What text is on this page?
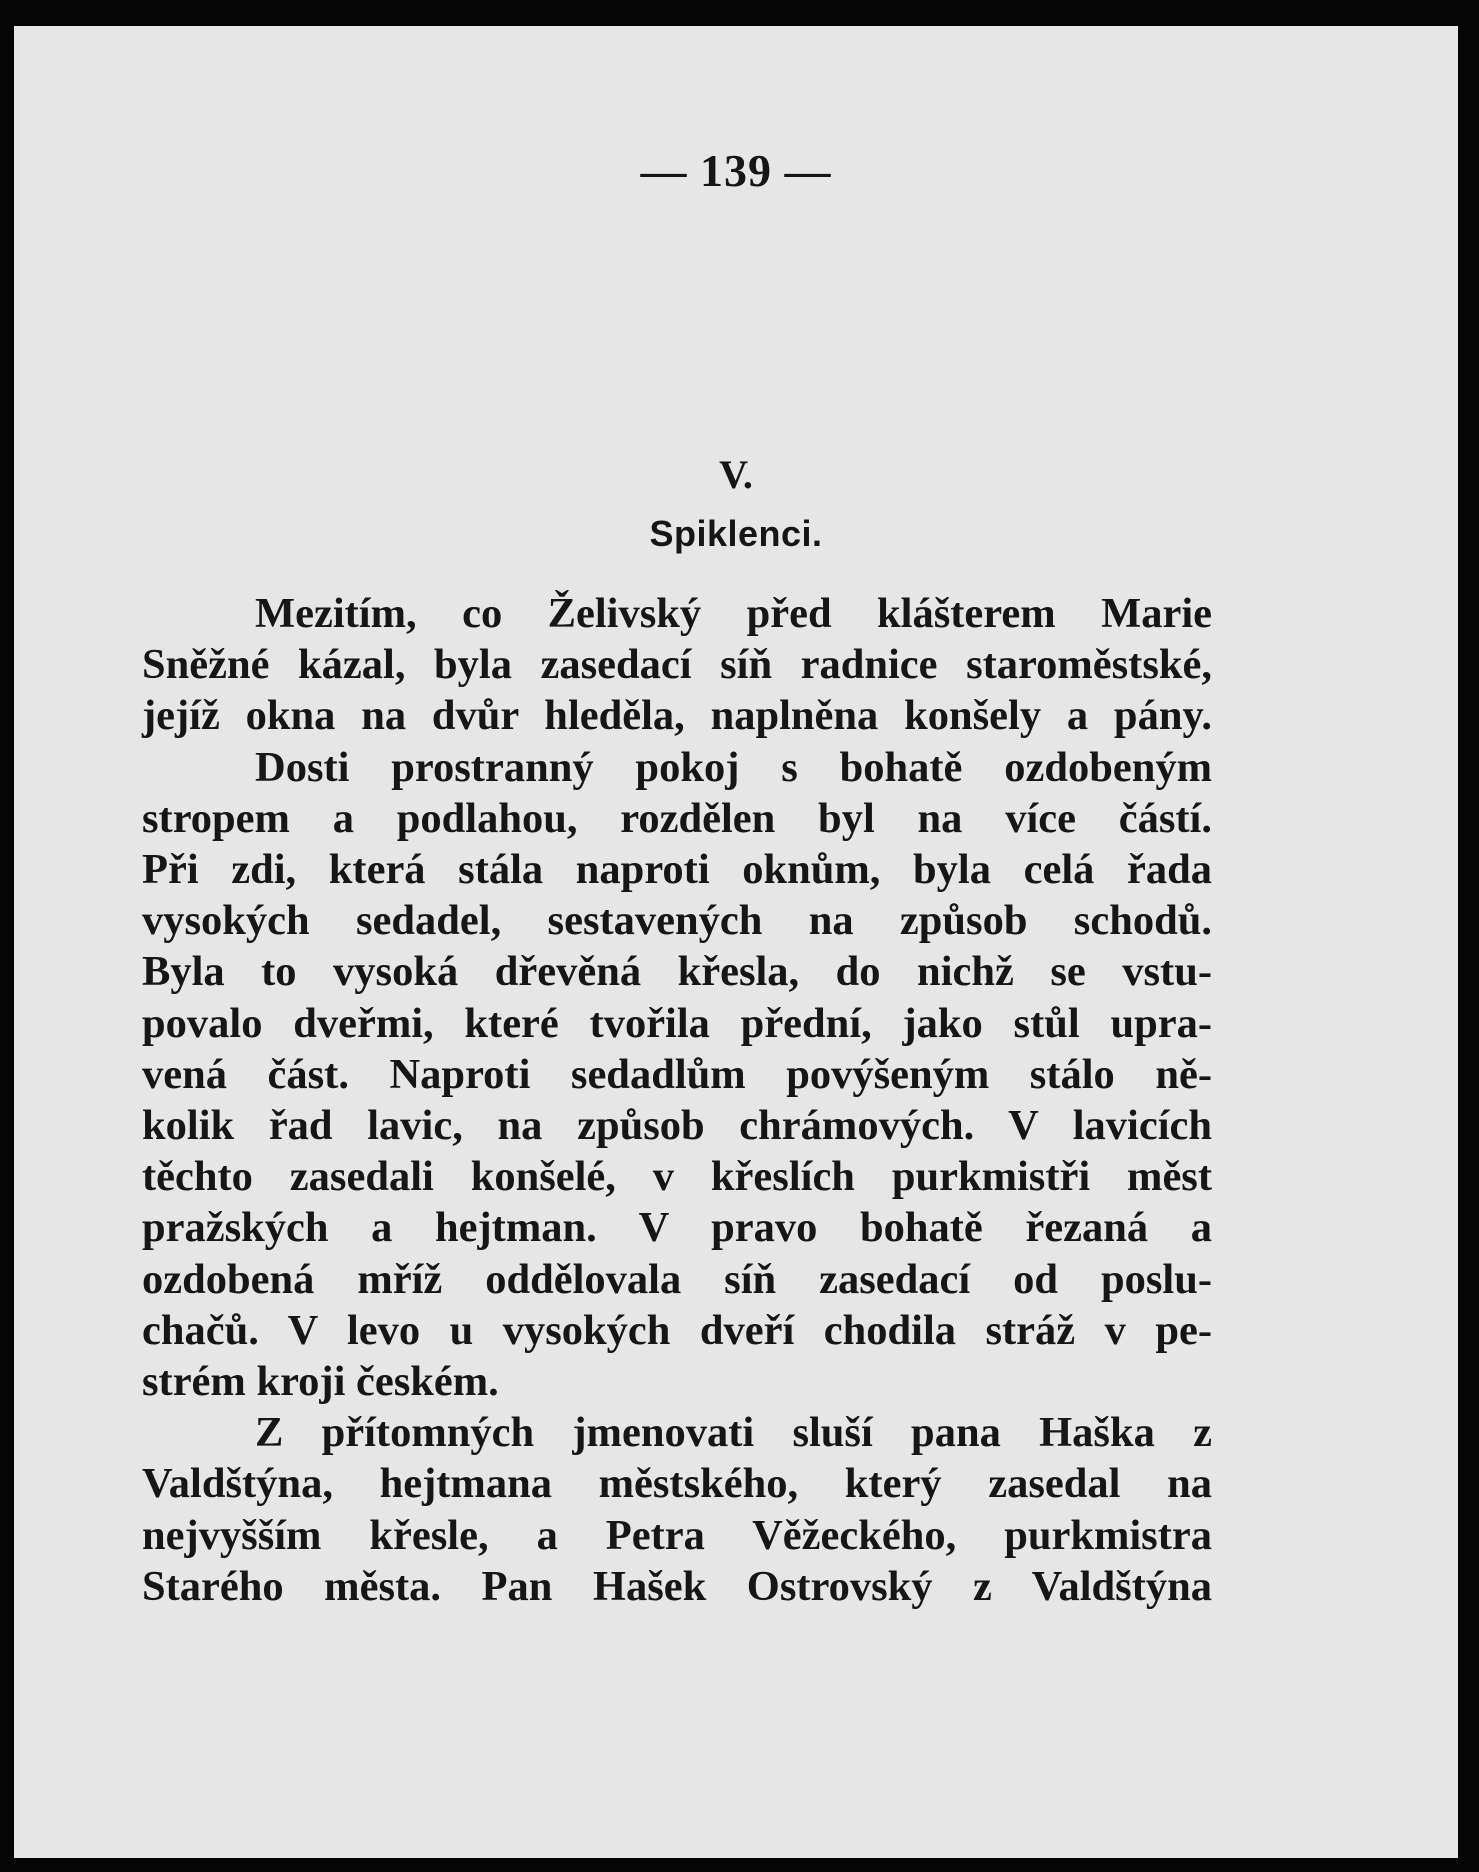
— 139 —
V.
Spiklenci.
Mezitím, co Želivský před klášterem Marie
Sněžné kázal, byla zasedací síň radnice staroměstské,
jejíž okna na dvůr hleděla, naplněna konšely a pány.
Dosti prostranný pokoj s bohatě ozdobeným
stropem a podlahou, rozdělen byl na více částí.
Při zdi, která stála naproti oknům, byla celá řada
vysokých sedadel, sestavených na způsob schodů.
Byla to vysoká dřevěná křesla, do nichž se vstu-
povalo dveřmi, které tvořila přední, jako stůl upra-
vená část. Naproti sedadlům povýšeným stálo ně-
kolik řad lavic, na způsob chrámových. V lavicích
těchto zasedali konšelé, v křeslích purkmistři měst
pražských a hejtman. V pravo bohatě řezaná a
ozdobená mříž oddělovala síň zasedací od poslu-
chačů. V levo u vysokých dveří chodila stráž v pe-
strém kroji českém.
Z přítomných jmenovati sluší pana Haška z
Valdštýna, hejtmana městského, který zasedal na
nejvyšším křesle, a Petra Věžeckého, purkmistra
Starého města. Pan Hašek Ostrovský z Valdštýna
